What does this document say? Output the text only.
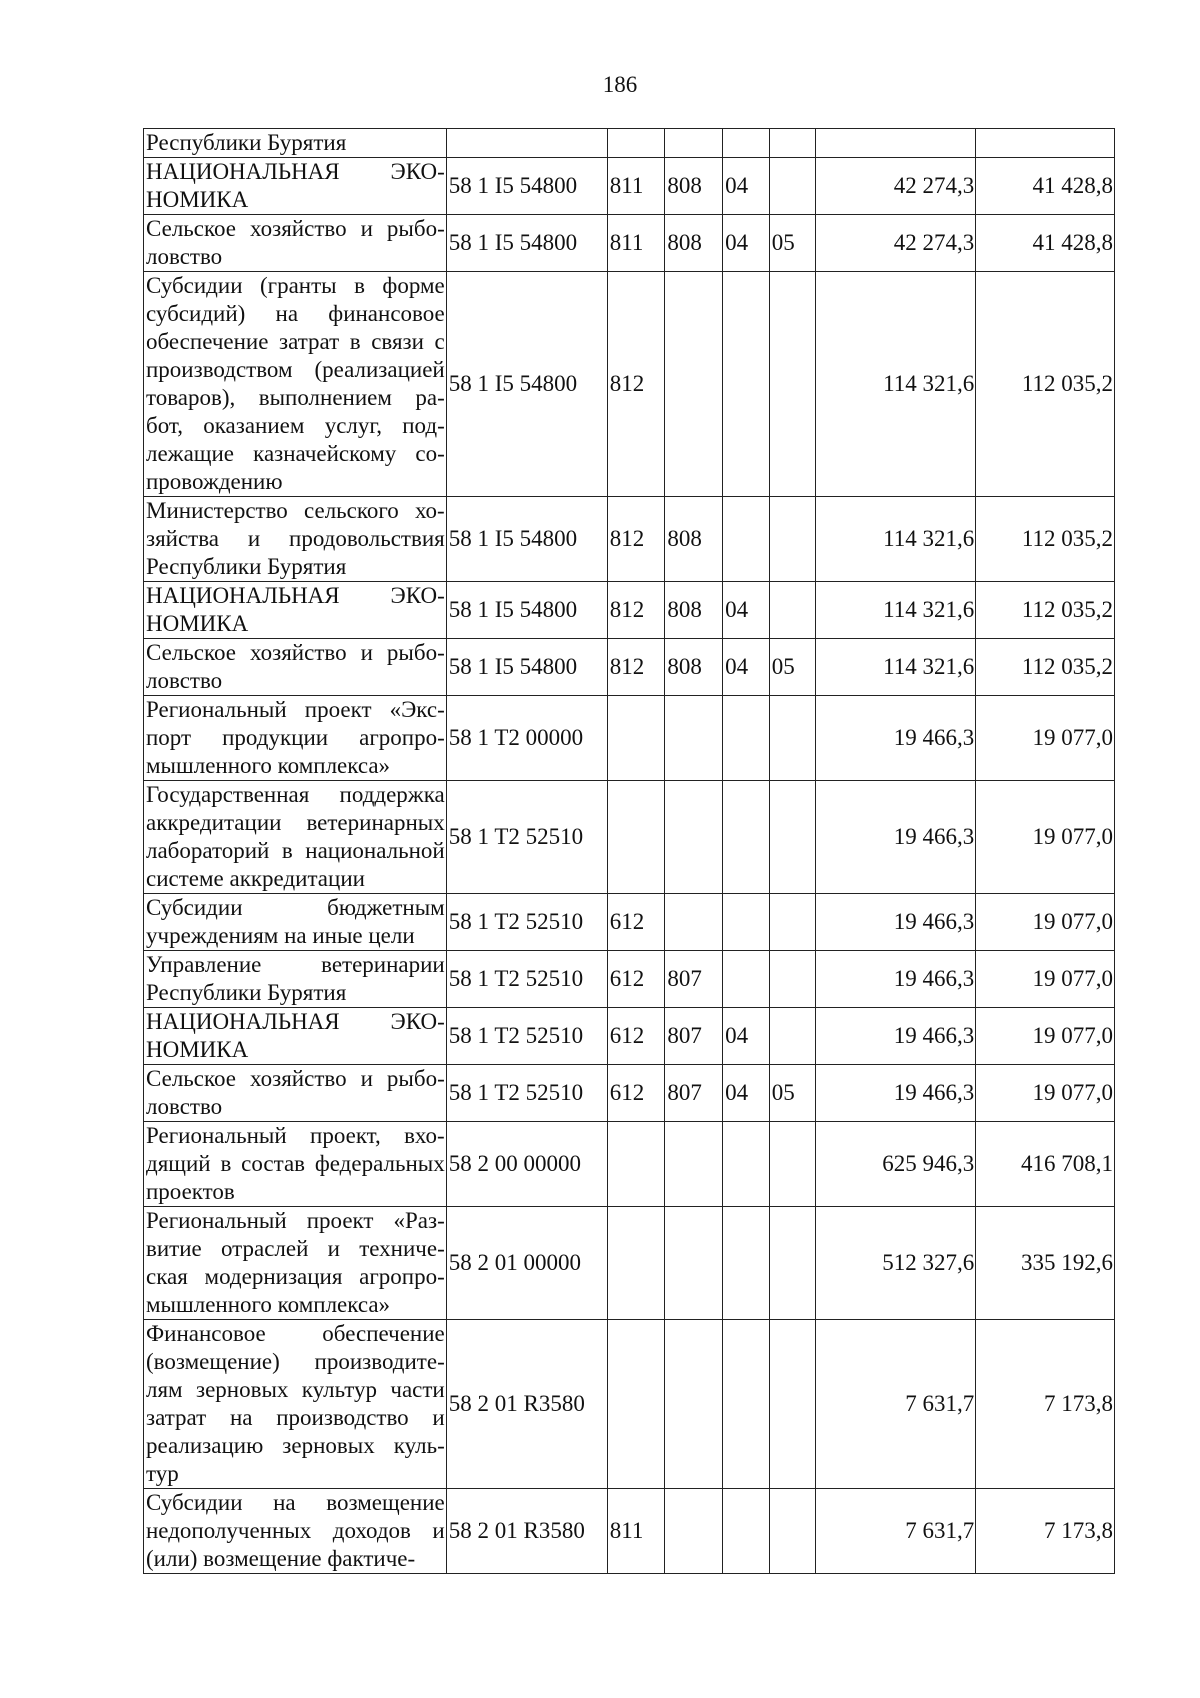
186
Республики Бурятия							
НАЦИОНАЛЬНАЯ ЭКО-НОМИКА	58 1 I5 54800	811	808	04		42 274,3	41 428,8
Сельское хозяйство и рыбо-ловство	58 1 I5 54800	811	808	04	05	42 274,3	41 428,8
Субсидии (гранты в форме субсидий) на финансовое обеспечение затрат в связи с производством (реализацией товаров), выполнением ра-бот, оказанием услуг, под-лежащие казначейскому со-провождению	58 1 I5 54800	812				114 321,6	112 035,2
Министерство сельского хо-зяйства и продовольствия Республики Бурятия	58 1 I5 54800	812	808			114 321,6	112 035,2
НАЦИОНАЛЬНАЯ ЭКО-НОМИКА	58 1 I5 54800	812	808	04		114 321,6	112 035,2
Сельское хозяйство и рыбо-ловство	58 1 I5 54800	812	808	04	05	114 321,6	112 035,2
Региональный проект «Экс-порт продукции агропро-мышленного комплекса»	58 1 T2 00000					19 466,3	19 077,0
Государственная поддержка аккредитации ветеринарных лабораторий в национальной системе аккредитации	58 1 T2 52510					19 466,3	19 077,0
Субсидии бюджетным учреждениям на иные цели	58 1 T2 52510	612				19 466,3	19 077,0
Управление ветеринарии Республики Бурятия	58 1 T2 52510	612	807			19 466,3	19 077,0
НАЦИОНАЛЬНАЯ ЭКО-НОМИКА	58 1 T2 52510	612	807	04		19 466,3	19 077,0
Сельское хозяйство и рыбо-ловство	58 1 T2 52510	612	807	04	05	19 466,3	19 077,0
Региональный проект, вхо-дящий в состав федеральных проектов	58 2 00 00000					625 946,3	416 708,1
Региональный проект «Раз-витие отраслей и техниче-ская модернизация агропро-мышленного комплекса»	58 2 01 00000					512 327,6	335 192,6
Финансовое обеспечение (возмещение) производите-лям зерновых культур части затрат на производство и реализацию зерновых куль-тур	58 2 01 R3580					7 631,7	7 173,8
Субсидии на возмещение недополученных доходов и (или) возмещение фактиче-	58 2 01 R3580	811				7 631,7	7 173,8
